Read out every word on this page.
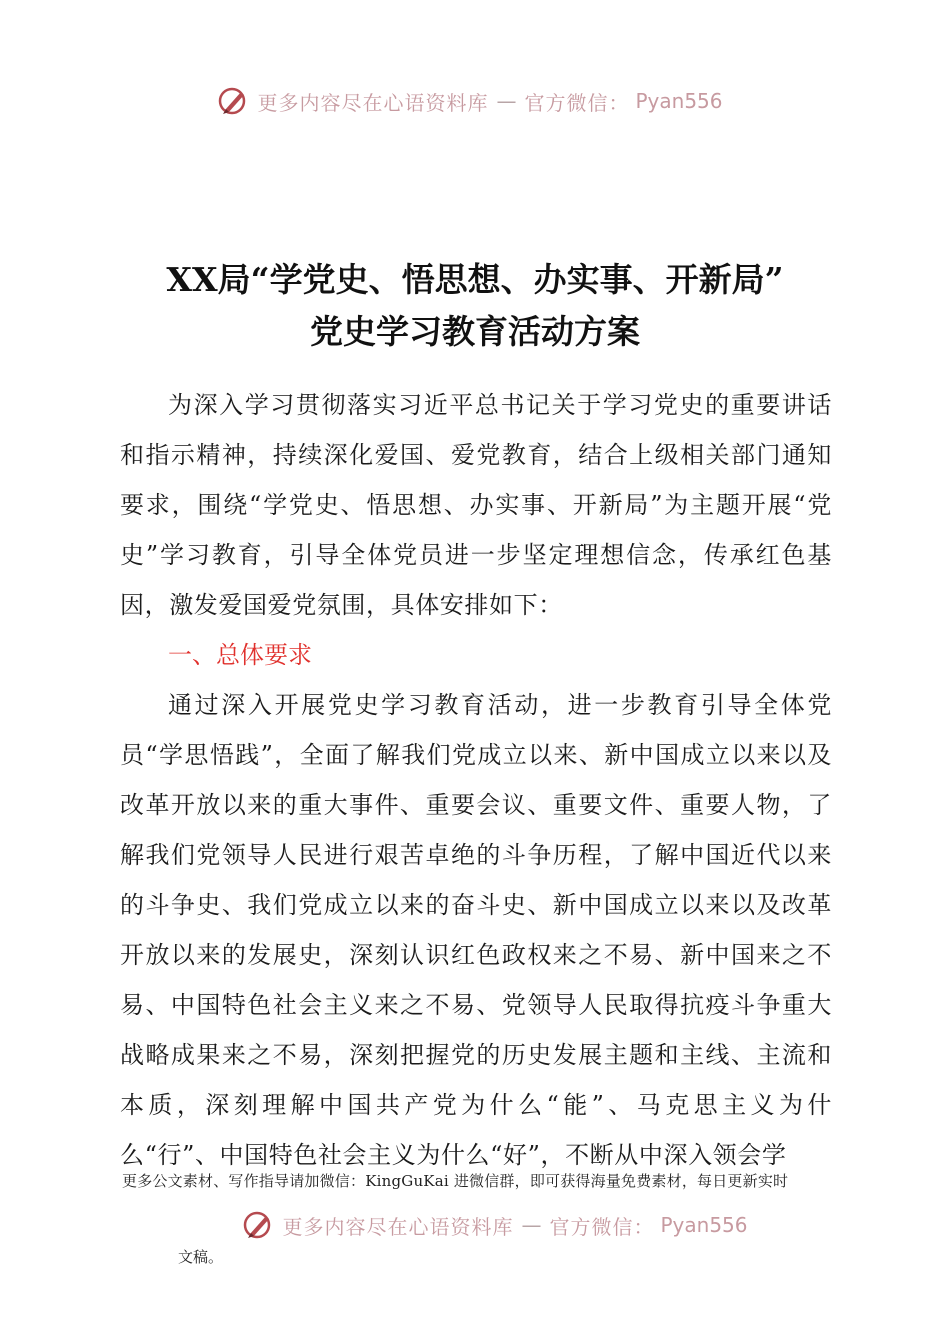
更多内容尽在心语资料库 — 官方微信： Pyan556
XX局“学党史、悟思想、办实事、开新局”
党史学习教育活动方案

为深入学习贯彻落实习近平总书记关于学习党史的重要讲话和指示精神，持续深化爱国、爱党教育，结合上级相关部门通知要求，围绕“学党史、悟思想、办实事、开新局”为主题开展“党史”学习教育，引导全体党员进一步坚定理想信念，传承红色基因，激发爱国爱党氛围，具体安排如下：

一、总体要求

通过深入开展党史学习教育活动，进一步教育引导全体党员“学思悟践”，全面了解我们党成立以来、新中国成立以来以及改革开放以来的重大事件、重要会议、重要文件、重要人物，了解我们党领导人民进行艰苦卓绝的斗争历程，了解中国近代以来的斗争史、我们党成立以来的奋斗史、新中国成立以来以及改革开放以来的发展史，深刻认识红色政权来之不易、新中国来之不易、中国特色社会主义来之不易、党领导人民取得抗疫斗争重大战略成果来之不易，深刻把握党的历史发展主题和主线、主流和本质，深刻理解中国共产党为什么“能”、马克思主义为什么“行”、中国特色社会主义为什么“好”，不断从中深入领会学

更多公文素材、写作指导请加微信：KingGuKai 进微信群，即可获得海量免费素材，每日更新实时
更多内容尽在心语资料库 — 官方微信： Pyan556
文稿。
